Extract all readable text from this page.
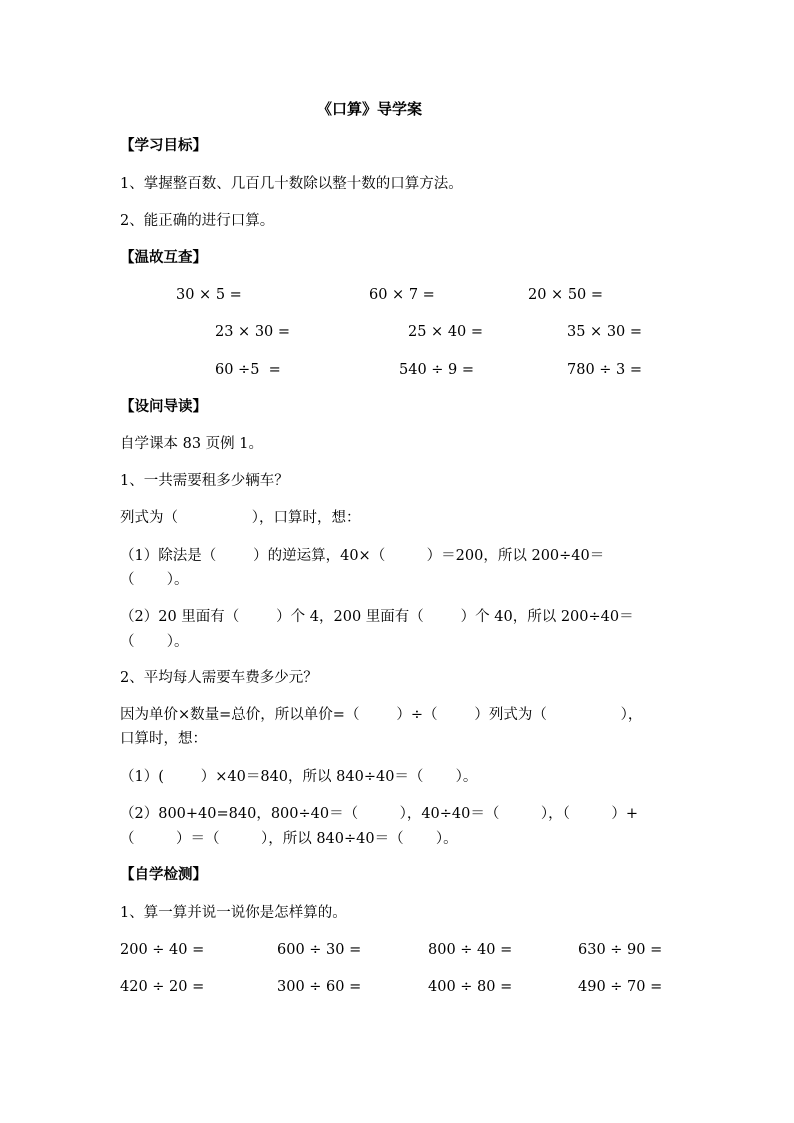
《口算》导学案
【学习目标】
1、掌握整百数、几百几十数除以整十数的口算方法。
2、能正确的进行口算。
【温故互查】
30 × 5 =	60 × 7 =	20 × 50 =
23 × 30 =	25 × 40 =	35 × 30 =
60 ÷5  =	540 ÷ 9 =	780 ÷ 3 =
【设问导读】
自学课本 83 页例 1。
1、一共需要租多少辆车？
列式为（                ），口算时，想：
（1）除法是（        ）的逆运算，40×（         ）＝200，所以 200÷40＝
（       ）。
（2）20 里面有（        ）个 4，200 里面有（        ）个 40，所以 200÷40＝
（       ）。
2、平均每人需要车费多少元？
因为单价×数量=总价，所以单价=（        ）÷（        ）列式为（                ），
口算时，想：
（1）(        ）×40＝840，所以 840÷40＝（       ）。
（2）800+40=840，800÷40＝（         ），40÷40＝（         ），（         ）+
（         ）＝（         ），所以 840÷40＝（       ）。
【自学检测】
1、算一算并说一说你是怎样算的。
200 ÷ 40 =	600 ÷ 30 =	800 ÷ 40 =	630 ÷ 90 =
420 ÷ 20 =	300 ÷ 60 =	400 ÷ 80 =	490 ÷ 70 =
